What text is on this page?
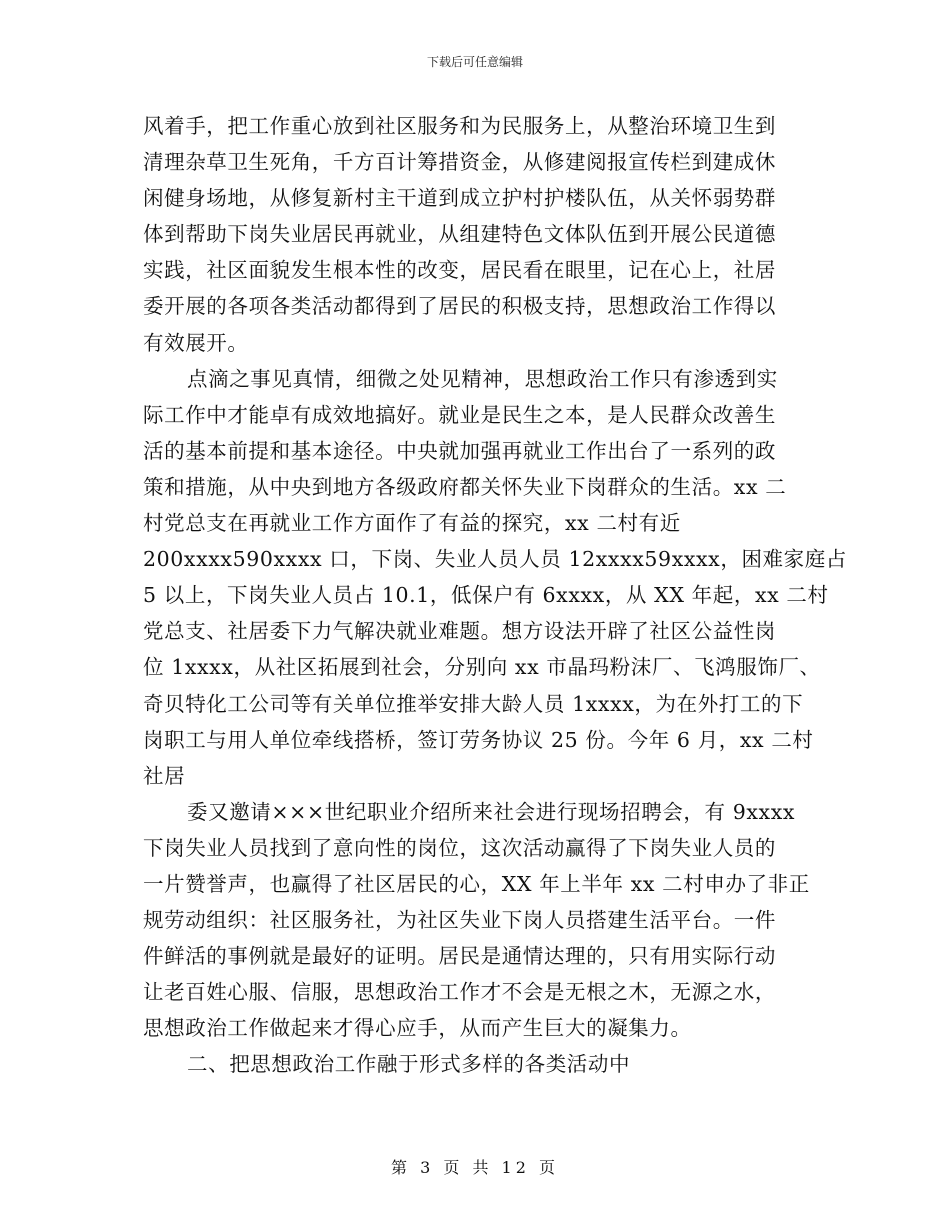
下载后可任意编辑

风着手，把工作重心放到社区服务和为民服务上，从整治环境卫生到
清理杂草卫生死角，千方百计筹措资金，从修建阅报宣传栏到建成休
闲健身场地，从修复新村主干道到成立护村护楼队伍，从关怀弱势群
体到帮助下岗失业居民再就业，从组建特色文体队伍到开展公民道德
实践，社区面貌发生根本性的改变，居民看在眼里，记在心上，社居
委开展的各项各类活动都得到了居民的积极支持，思想政治工作得以
有效展开。

点滴之事见真情，细微之处见精神，思想政治工作只有渗透到实
际工作中才能卓有成效地搞好。就业是民生之本，是人民群众改善生
活的基本前提和基本途径。中央就加强再就业工作出台了一系列的政
策和措施，从中央到地方各级政府都关怀失业下岗群众的生活。xx 二
村党总支在再就业工作方面作了有益的探究，xx 二村有近
200xxxx590xxxx 口，下岗、失业人员人员 12xxxx59xxxx，困难家庭占
5 以上，下岗失业人员占 10.1，低保户有 6xxxx，从 XX 年起，xx 二村
党总支、社居委下力气解决就业难题。想方设法开辟了社区公益性岗
位 1xxxx，从社区拓展到社会，分别向 xx 市晶玛粉沫厂、飞鸿服饰厂、
奇贝特化工公司等有关单位推举安排大龄人员 1xxxx，为在外打工的下
岗职工与用人单位牵线搭桥，签订劳务协议 25 份。今年 6 月，xx 二村
社居

委又邀请×××世纪职业介绍所来社会进行现场招聘会，有 9xxxx
下岗失业人员找到了意向性的岗位，这次活动赢得了下岗失业人员的
一片赞誉声，也赢得了社区居民的心，XX 年上半年 xx 二村申办了非正
规劳动组织：社区服务社，为社区失业下岗人员搭建生活平台。一件
件鲜活的事例就是最好的证明。居民是通情达理的，只有用实际行动
让老百姓心服、信服，思想政治工作才不会是无根之木，无源之水，
思想政治工作做起来才得心应手，从而产生巨大的凝集力。

二、把思想政治工作融于形式多样的各类活动中

第 3 页 共 12 页
